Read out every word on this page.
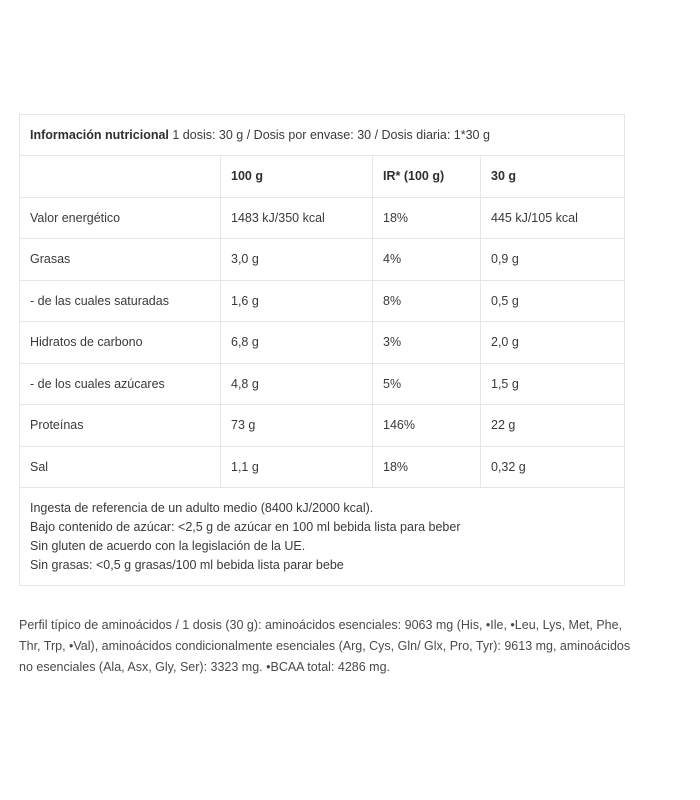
Información nutricional 1 dosis: 30 g / Dosis por envase: 30 / Dosis diaria: 1*30 g			
	100 g	IR* (100 g)	30 g
Valor energético	1483 kJ/350 kcal	18%	445 kJ/105 kcal
Grasas	3,0 g	4%	0,9 g
- de las cuales saturadas	1,6 g	8%	0,5 g
Hidratos de carbono	6,8 g	3%	2,0 g
- de los cuales azúcares	4,8 g	5%	1,5 g
Proteínas	73 g	146%	22 g
Sal	1,1 g	18%	0,32 g

Ingesta de referencia de un adulto medio (8400 kJ/2000 kcal).
Bajo contenido de azúcar: <2,5 g de azúcar en 100 ml bebida lista para beber
Sin gluten de acuerdo con la legislación de la UE.
Sin grasas: <0,5 g grasas/100 ml bebida lista parar bebe			

Perfil típico de aminoácidos / 1 dosis (30 g): aminoácidos esenciales: 9063 mg (His, •Ile, •Leu, Lys, Met, Phe, Thr, Trp, •Val), aminoácidos condicionalmente esenciales (Arg, Cys, Gln/ Glx, Pro, Tyr): 9613 mg, aminoácidos no esenciales (Ala, Asx, Gly, Ser): 3323 mg. •BCAA total: 4286 mg.
